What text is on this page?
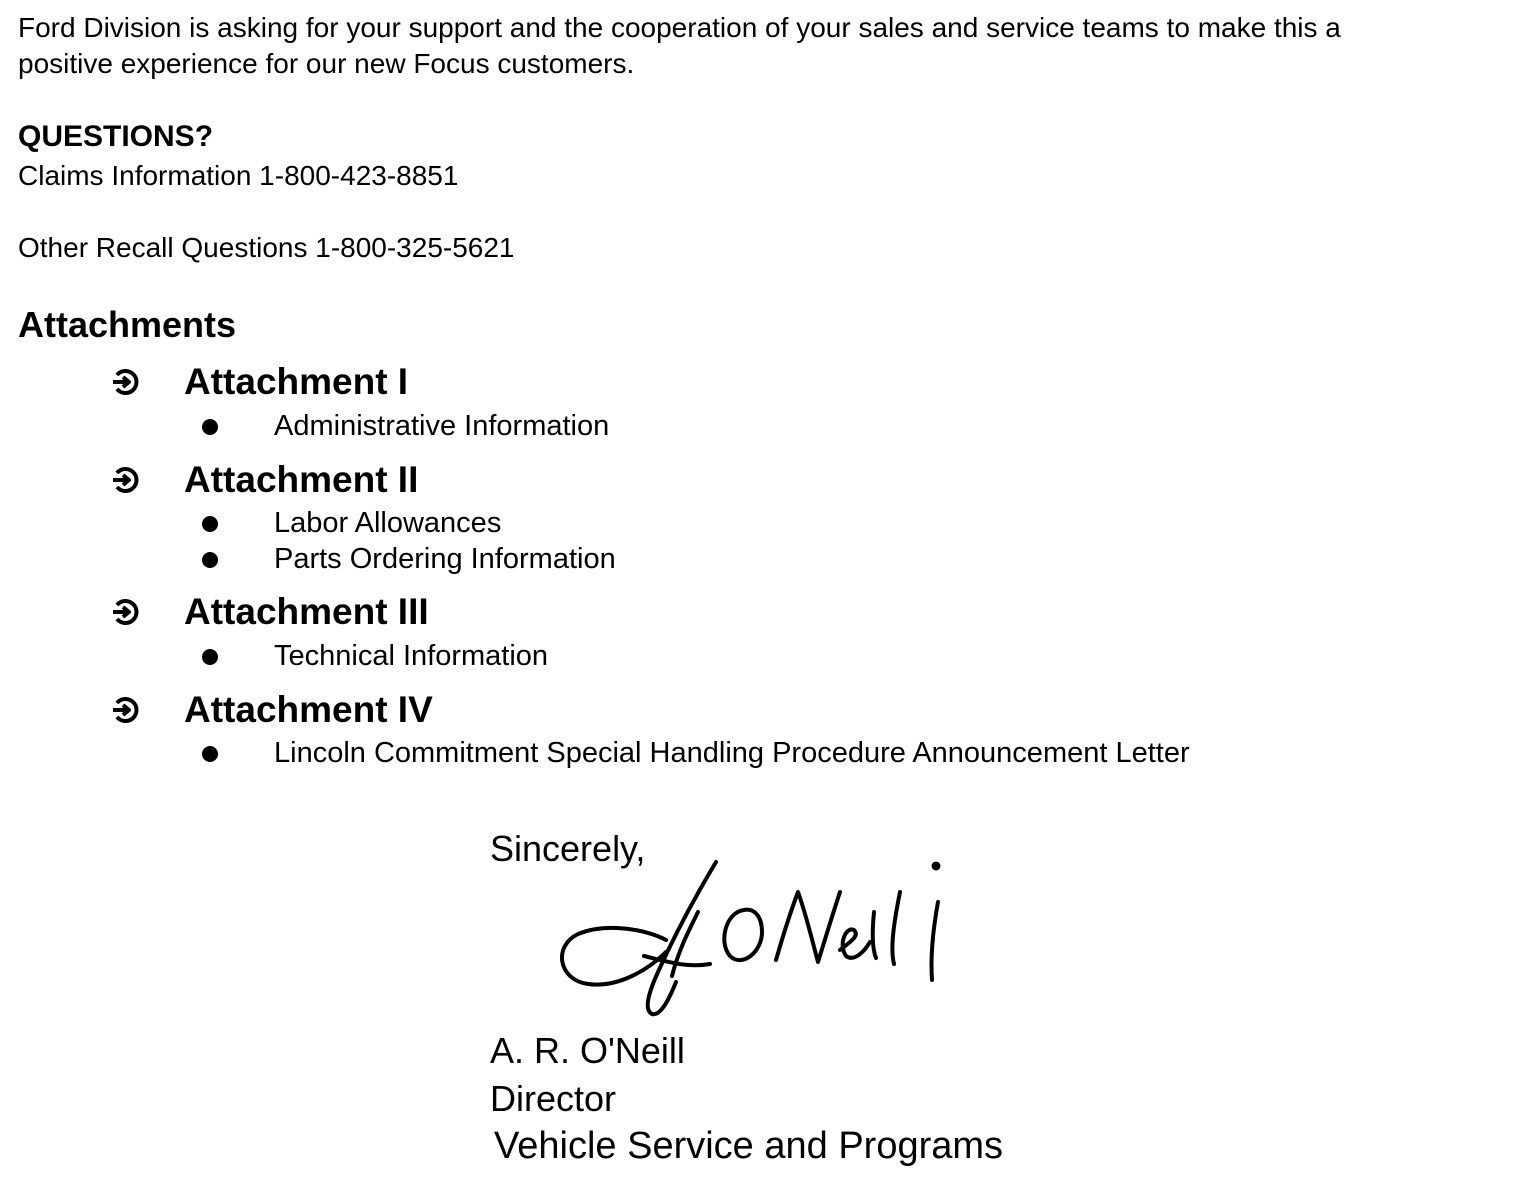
Ford Division is asking for your support and the cooperation of your sales and service teams to make this a
positive experience for our new Focus customers.
QUESTIONS?
Claims Information 1-800-423-8851
Other Recall Questions 1-800-325-5621
Attachments
Attachment I
Administrative Information
Attachment II
Labor Allowances
Parts Ordering Information
Attachment III
Technical Information
Attachment IV
Lincoln Commitment Special Handling Procedure Announcement Letter
Sincerely,
A. R. O'Neill
Director
Vehicle Service and Programs
